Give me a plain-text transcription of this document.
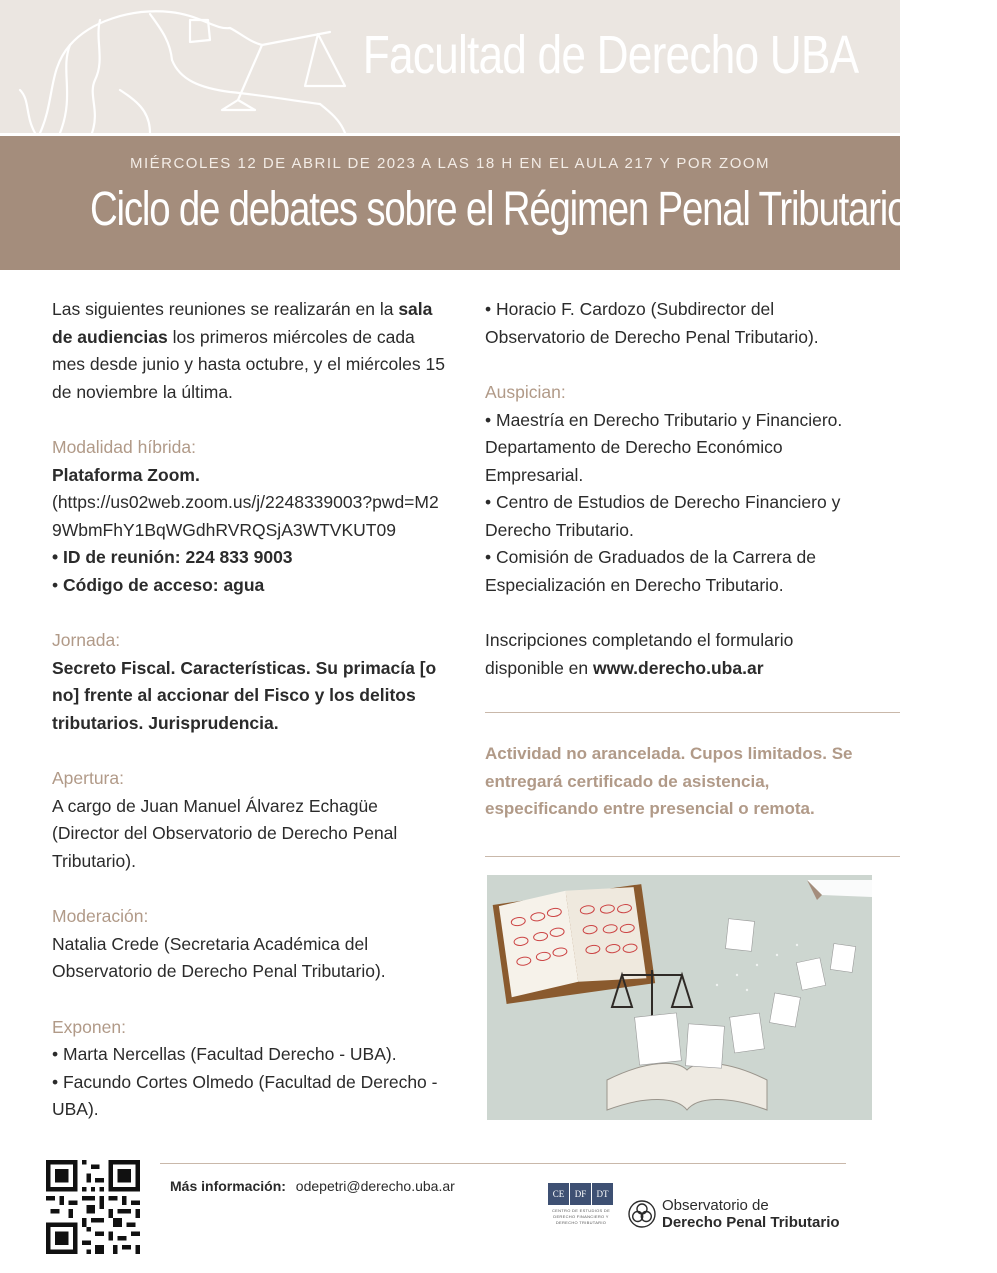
Facultad de Derecho UBA
MIÉRCOLES 12 DE ABRIL DE 2023 A LAS 18 H EN EL AULA 217 Y POR ZOOM
Ciclo de debates sobre el Régimen Penal Tributario 2023

Las siguientes reuniones se realizarán en la sala de audiencias los primeros miércoles de cada mes desde junio y hasta octubre, y el miércoles 15 de noviembre la última.

Modalidad híbrida:

Plataforma Zoom.

(https://us02web.zoom.us/j/2248339003?pwd=M2

9WbmFhY1BqWGdhRVRQSjA3WTVKUT09

• ID de reunión: 224 833 9003

• Código de acceso: agua

Jornada:

Secreto Fiscal. Características. Su primacía [o no] frente al accionar del Fisco y los delitos tributarios. Jurisprudencia.

Apertura:

A cargo de Juan Manuel Álvarez Echagüe (Director del Observatorio de Derecho Penal Tributario).

Moderación:

Natalia Crede (Secretaria Académica del Observatorio de Derecho Penal Tributario).

Exponen:

• Marta Nercellas (Facultad Derecho - UBA).

• Facundo Cortes Olmedo (Facultad de Derecho - UBA).

• Horacio F. Cardozo (Subdirector del Observatorio de Derecho Penal Tributario).

Auspician:

• Maestría en Derecho Tributario y Financiero. Departamento de Derecho Económico Empresarial.

• Centro de Estudios de Derecho Financiero y Derecho Tributario.

• Comisión de Graduados de la Carrera de Especialización en Derecho Tributario.

Inscripciones completando el formulario disponible en www.derecho.uba.ar

Actividad no arancelada. Cupos limitados. Se entregará certificado de asistencia, especificando entre presencial o remota.
Más información: odepetri@derecho.uba.ar	CE	DF	DT
CENTRO DE ESTUDIOS DE DERECHO FINANCIERO Y DERECHO TRIBUTARIO
Observatorio de
Derecho Penal Tributario
